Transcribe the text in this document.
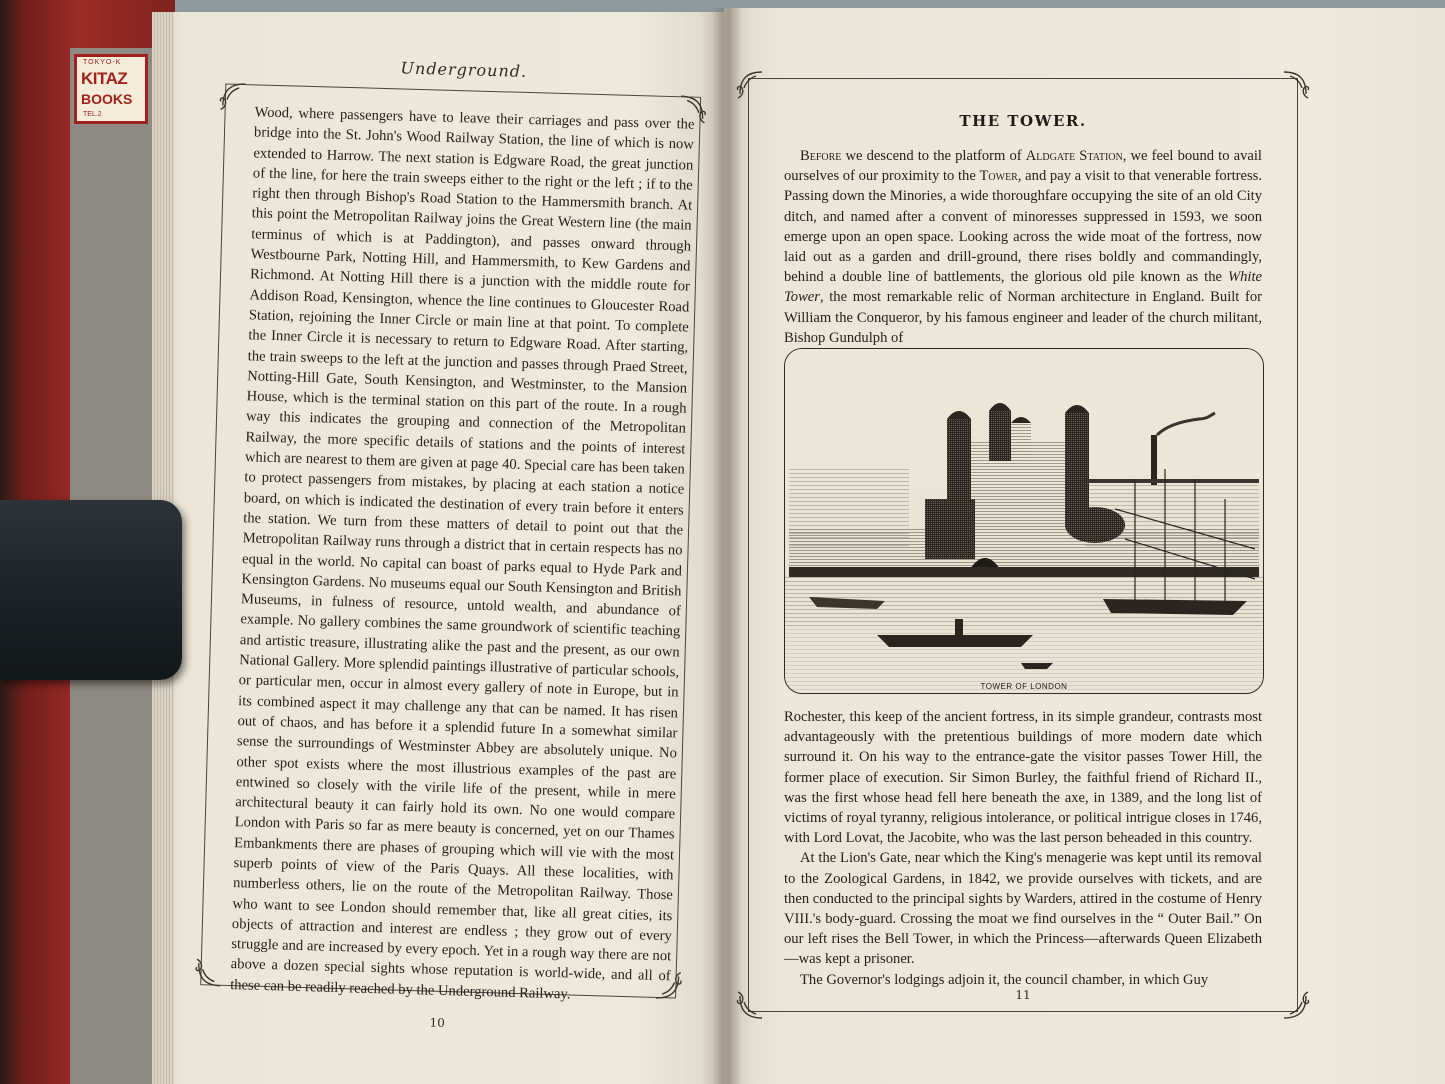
TOKYO-K
KITAZ
BOOKS
TEL.2
Underground.

Wood, where passengers have to leave their carriages and pass over the bridge into the St. John's Wood Railway Station, the line of which is now extended to Harrow. The next station is Edgware Road, the great junction of the line, for here the train sweeps either to the right or the left ; if to the right then through Bishop's Road Station to the Hammersmith branch. At this point the Metropolitan Railway joins the Great Western line (the main terminus of which is at Paddington), and passes onward through Westbourne Park, Notting Hill, and Hammersmith, to Kew Gardens and Richmond. At Notting Hill there is a junction with the middle route for Addison Road, Kensington, whence the line continues to Gloucester Road Station, rejoining the Inner Circle or main line at that point. To complete the Inner Circle it is necessary to return to Edgware Road. After starting, the train sweeps to the left at the junction and passes through Praed Street, Notting-Hill Gate, South Kensington, and Westminster, to the Mansion House, which is the terminal station on this part of the route. In a rough way this indicates the grouping and connection of the Metropolitan Railway, the more specific details of stations and the points of interest which are nearest to them are given at page 40. Special care has been taken to protect passengers from mistakes, by placing at each station a notice board, on which is indicated the destination of every train before it enters the station. We turn from these matters of detail to point out that the Metropolitan Railway runs through a district that in certain respects has no equal in the world. No capital can boast of parks equal to Hyde Park and Kensington Gardens. No museums equal our South Kensington and British Museums, in fulness of resource, untold wealth, and abundance of example. No gallery combines the same groundwork of scientific teaching and artistic treasure, illustrating alike the past and the present, as our own National Gallery. More splendid paintings illustrative of particular schools, or particular men, occur in almost every gallery of note in Europe, but in its combined aspect it may challenge any that can be named. It has risen out of chaos, and has before it a splendid future In a somewhat similar sense the surroundings of Westminster Abbey are absolutely unique. No other spot exists where the most illustrious examples of the past are entwined so closely with the virile life of the present, while in mere architectural beauty it can fairly hold its own. No one would compare London with Paris so far as mere beauty is concerned, yet on our Thames Embankments there are phases of grouping which will vie with the most superb points of view of the Paris Quays. All these localities, with numberless others, lie on the route of the Metropolitan Railway. Those who want to see London should remember that, like all great cities, its objects of attraction and interest are endless ; they grow out of every struggle and are increased by every epoch. Yet in a rough way there are not above a dozen special sights whose reputation is world-wide, and all of these can be readily reached by the Underground Railway.

10
THE TOWER.

Before we descend to the platform of Aldgate Station, we feel bound to avail ourselves of our proximity to the Tower, and pay a visit to that venerable fortress. Passing down the Minories, a wide thoroughfare occupying the site of an old City ditch, and named after a convent of minoresses suppressed in 1593, we soon emerge upon an open space. Looking across the wide moat of the fortress, now laid out as a garden and drill-ground, there rises boldly and commandingly, behind a double line of battlements, the glorious old pile known as the White Tower, the most remarkable relic of Norman architecture in England. Built for William the Conqueror, by his famous engineer and leader of the church militant, Bishop Gundulph of

TOWER OF LONDON

Rochester, this keep of the ancient fortress, in its simple grandeur, contrasts most advantageously with the pretentious buildings of more modern date which surround it. On his way to the entrance-gate the visitor passes Tower Hill, the former place of execution. Sir Simon Burley, the faithful friend of Richard II., was the first whose head fell here beneath the axe, in 1389, and the long list of victims of royal tyranny, religious intolerance, or political intrigue closes in 1746, with Lord Lovat, the Jacobite, who was the last person beheaded in this country.

At the Lion's Gate, near which the King's menagerie was kept until its removal to the Zoological Gardens, in 1842, we provide ourselves with tickets, and are then conducted to the principal sights by Warders, attired in the costume of Henry VIII.'s body-guard. Crossing the moat we find ourselves in the “ Outer Bail.” On our left rises the Bell Tower, in which the Princess—afterwards Queen Elizabeth—was kept a prisoner.

The Governor's lodgings adjoin it, the council chamber, in which Guy

11
